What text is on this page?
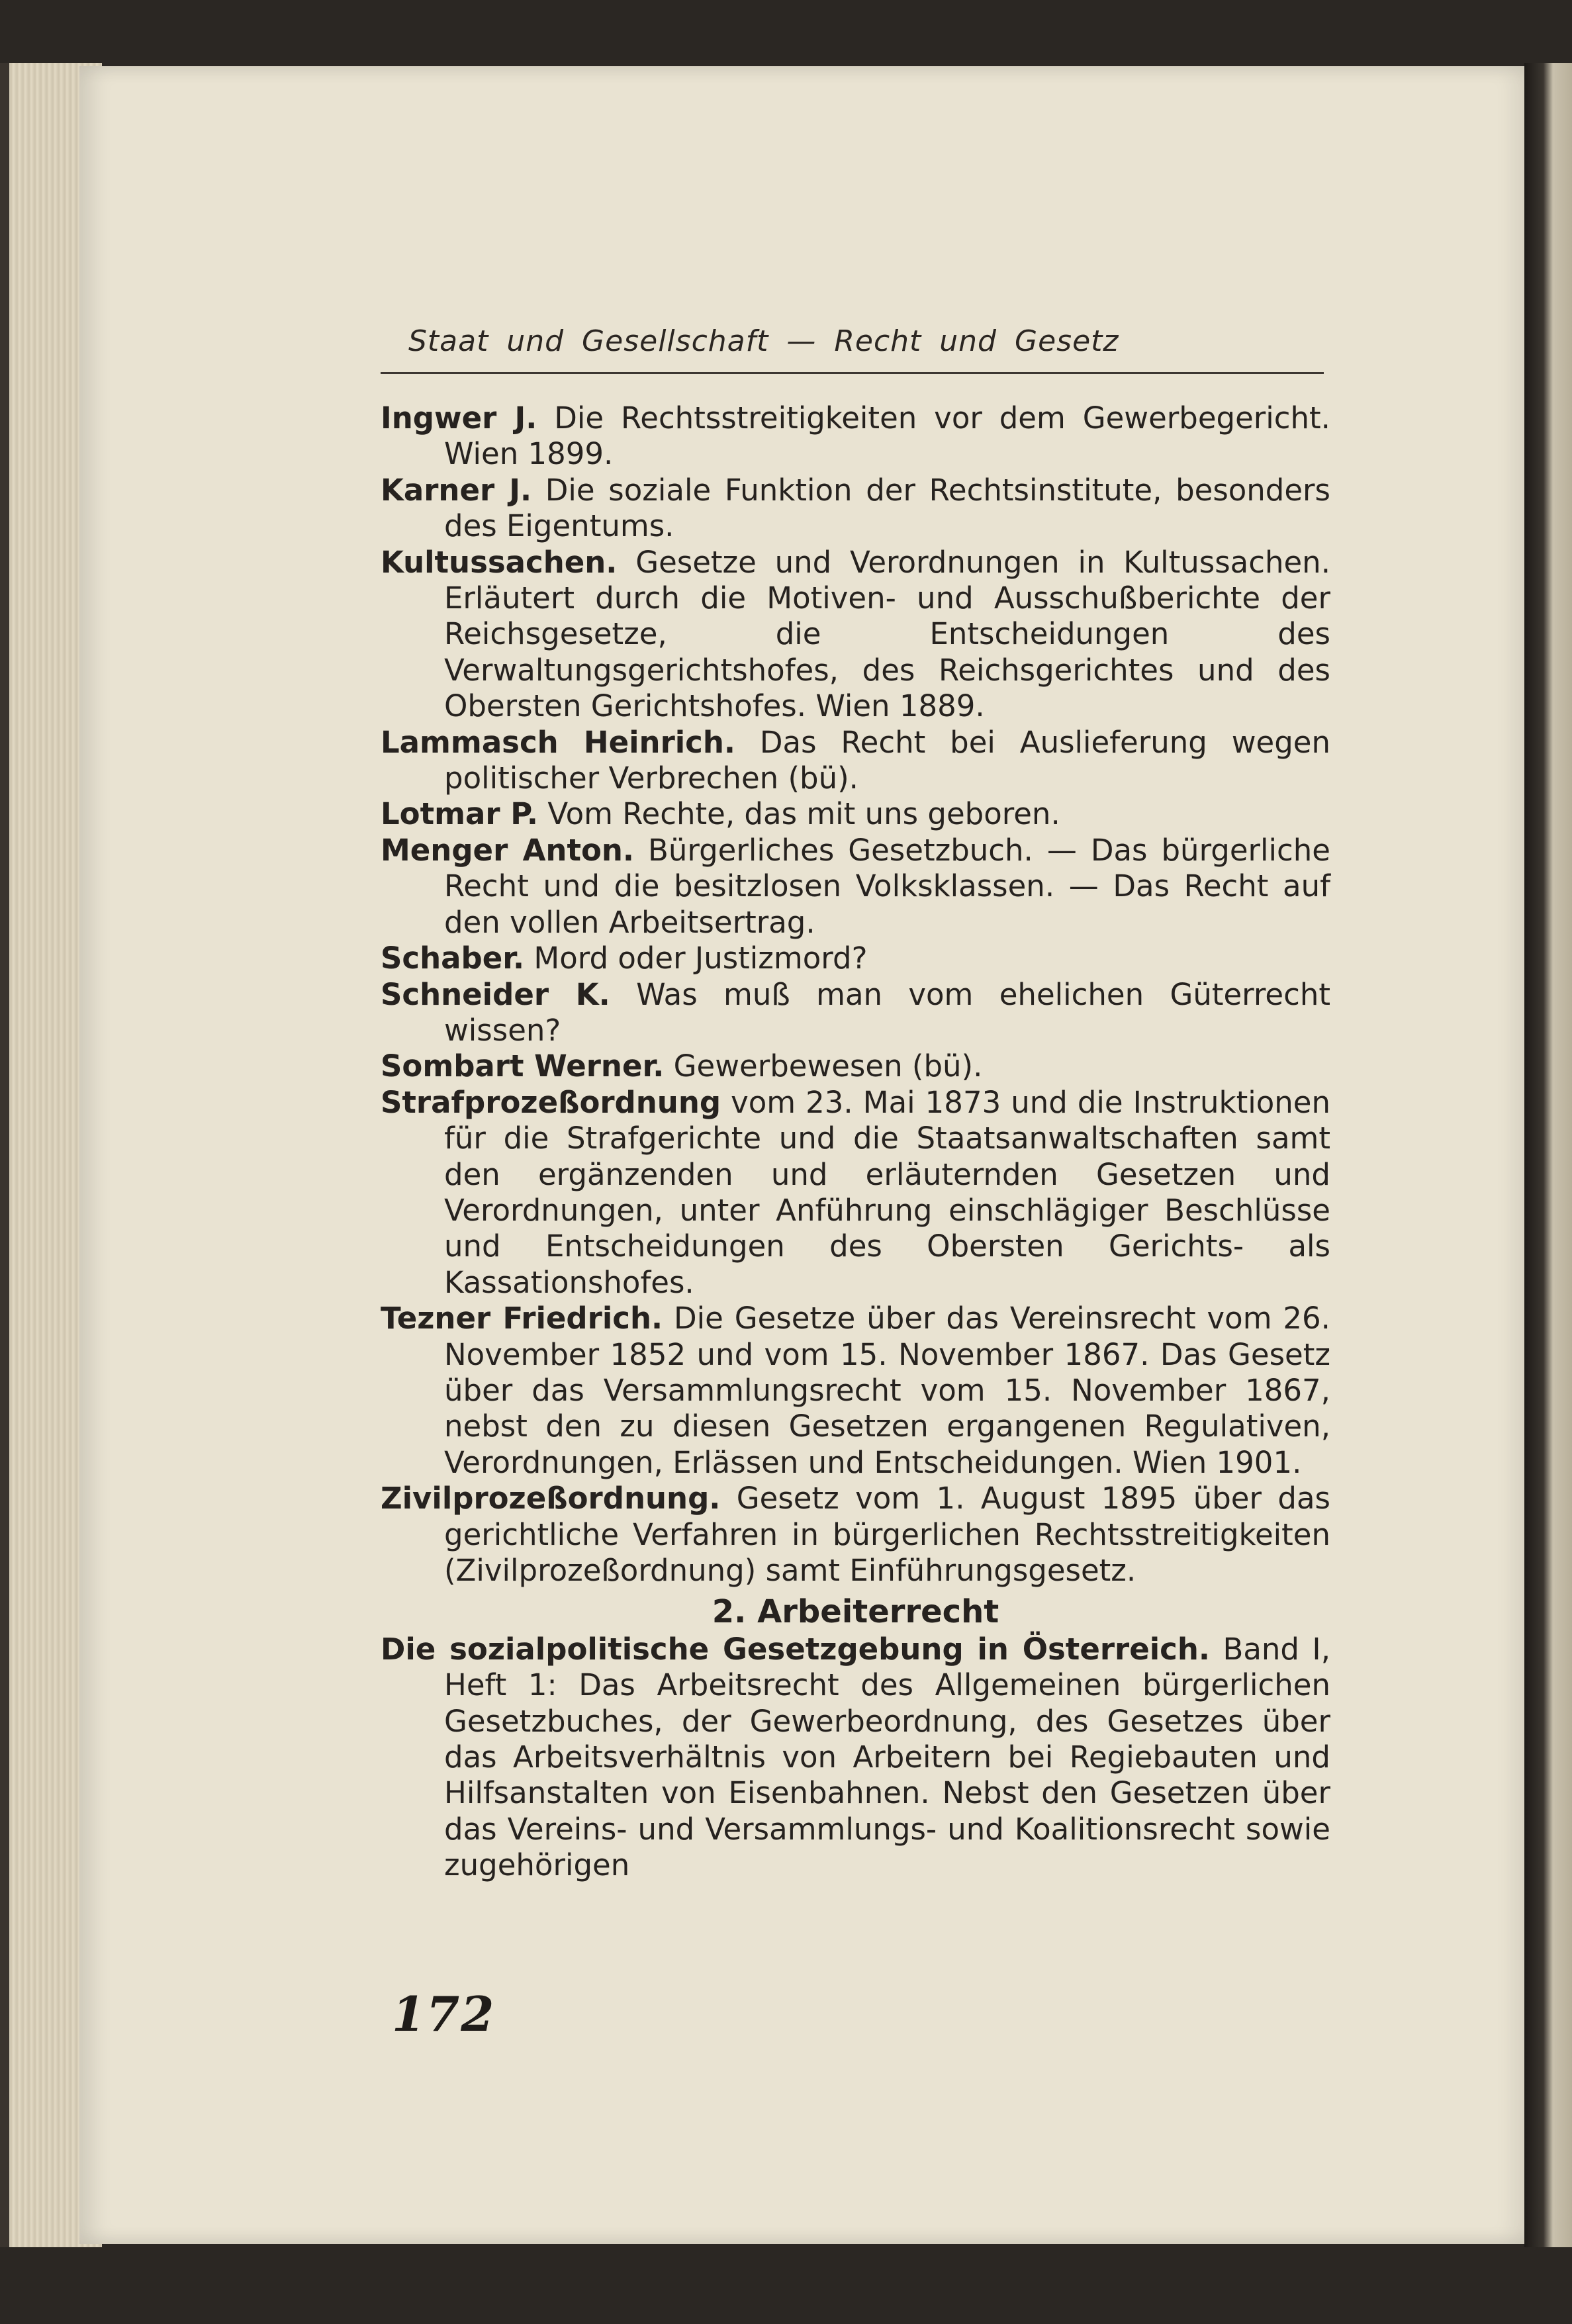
Staat und Gesellschaft — Recht und Gesetz

Ingwer J. Die Rechtsstreitigkeiten vor dem Gewerbegericht. Wien 1899.

Karner J. Die soziale Funktion der Rechtsinstitute, besonders des Eigentums.

Kultussachen. Gesetze und Verordnungen in Kultussachen. Erläutert durch die Motiven- und Ausschußberichte der Reichsgesetze, die Entscheidungen des Verwaltungsgerichtshofes, des Reichsgerichtes und des Obersten Gerichtshofes. Wien 1889.

Lammasch Heinrich. Das Recht bei Auslieferung wegen politischer Verbrechen (bü).

Lotmar P. Vom Rechte, das mit uns geboren.

Menger Anton. Bürgerliches Gesetzbuch. — Das bürgerliche Recht und die besitzlosen Volksklassen. — Das Recht auf den vollen Arbeitsertrag.

Schaber. Mord oder Justizmord?

Schneider K. Was muß man vom ehelichen Güterrecht wissen?

Sombart Werner. Gewerbewesen (bü).

Strafprozeßordnung vom 23. Mai 1873 und die Instruktionen für die Strafgerichte und die Staatsanwaltschaften samt den ergänzenden und erläuternden Gesetzen und Verordnungen, unter Anführung einschlägiger Beschlüsse und Entscheidungen des Obersten Gerichts- als Kassationshofes.

Tezner Friedrich. Die Gesetze über das Vereinsrecht vom 26. November 1852 und vom 15. November 1867. Das Gesetz über das Versammlungsrecht vom 15. November 1867, nebst den zu diesen Gesetzen ergangenen Regulativen, Verordnungen, Erlässen und Entscheidungen. Wien 1901.

Zivilprozeßordnung. Gesetz vom 1. August 1895 über das gerichtliche Verfahren in bürgerlichen Rechtsstreitigkeiten (Zivilprozeßordnung) samt Einführungsgesetz.

2. Arbeiterrecht

Die sozialpolitische Gesetzgebung in Österreich. Band I, Heft 1: Das Arbeitsrecht des Allgemeinen bürgerlichen Gesetzbuches, der Gewerbeordnung, des Gesetzes über das Arbeitsverhältnis von Arbeitern bei Regiebauten und Hilfsanstalten von Eisenbahnen. Nebst den Gesetzen über das Vereins- und Versammlungs- und Koalitionsrecht sowie zugehörigen

172
